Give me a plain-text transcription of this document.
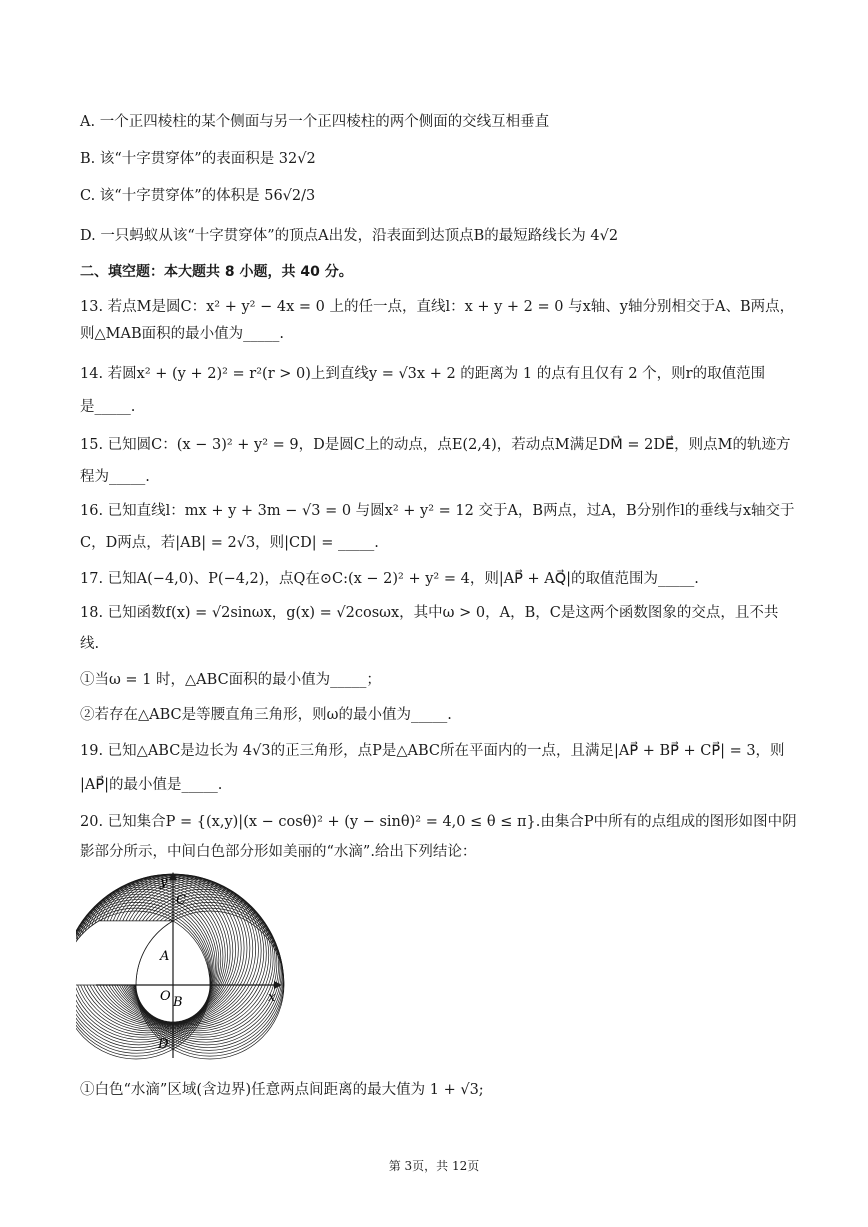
A. 一个正四棱柱的某个侧面与另一个正四棱柱的两个侧面的交线互相垂直
B. 该“十字贯穿体”的表面积是 32√2
C. 该“十字贯穿体”的体积是 56√2/3
D. 一只蚂蚁从该“十字贯穿体”的顶点A出发，沿表面到达顶点B的最短路线长为 4√2
二、填空题：本大题共 8 小题，共 40 分。
13. 若点M是圆C：x² + y² − 4x = 0 上的任一点，直线l：x + y + 2 = 0 与x轴、y轴分别相交于A、B两点，
则△MAB面积的最小值为_____.
14. 若圆x² + (y + 2)² = r²(r > 0)上到直线y = √3x + 2 的距离为 1 的点有且仅有 2 个，则r的取值范围
是_____.
15. 已知圆C：(x − 3)² + y² = 9，D是圆C上的动点，点E(2,4)，若动点M满足DM⃗ = 2DE⃗，则点M的轨迹方
程为_____.
16. 已知直线l：mx + y + 3m − √3 = 0 与圆x² + y² = 12 交于A，B两点，过A，B分别作l的垂线与x轴交于
C，D两点，若|AB| = 2√3，则|CD| = _____.
17. 已知A(−4,0)、P(−4,2)，点Q在⊙C:(x − 2)² + y² = 4，则|AP⃗ + AQ⃗|的取值范围为_____.
18. 已知函数f(x) = √2sinωx，g(x) = √2cosωx，其中ω > 0，A，B，C是这两个函数图象的交点，且不共
线.
①当ω = 1 时，△ABC面积的最小值为_____；
②若存在△ABC是等腰直角三角形，则ω的最小值为_____.
19. 已知△ABC是边长为 4√3的正三角形，点P是△ABC所在平面内的一点，且满足|AP⃗ + BP⃗ + CP⃗| = 3，则
|AP⃗|的最小值是_____.
20. 已知集合P = {(x,y)|(x − cosθ)² + (y − sinθ)² = 4,0 ≤ θ ≤ π}.由集合P中所有的点组成的图形如图中阴
影部分所示，中间白色部分形如美丽的“水滴”.给出下列结论：
y
x
C
A
O B
D
①白色“水滴”区域(含边界)任意两点间距离的最大值为 1 + √3;
第 3页，共 12页
